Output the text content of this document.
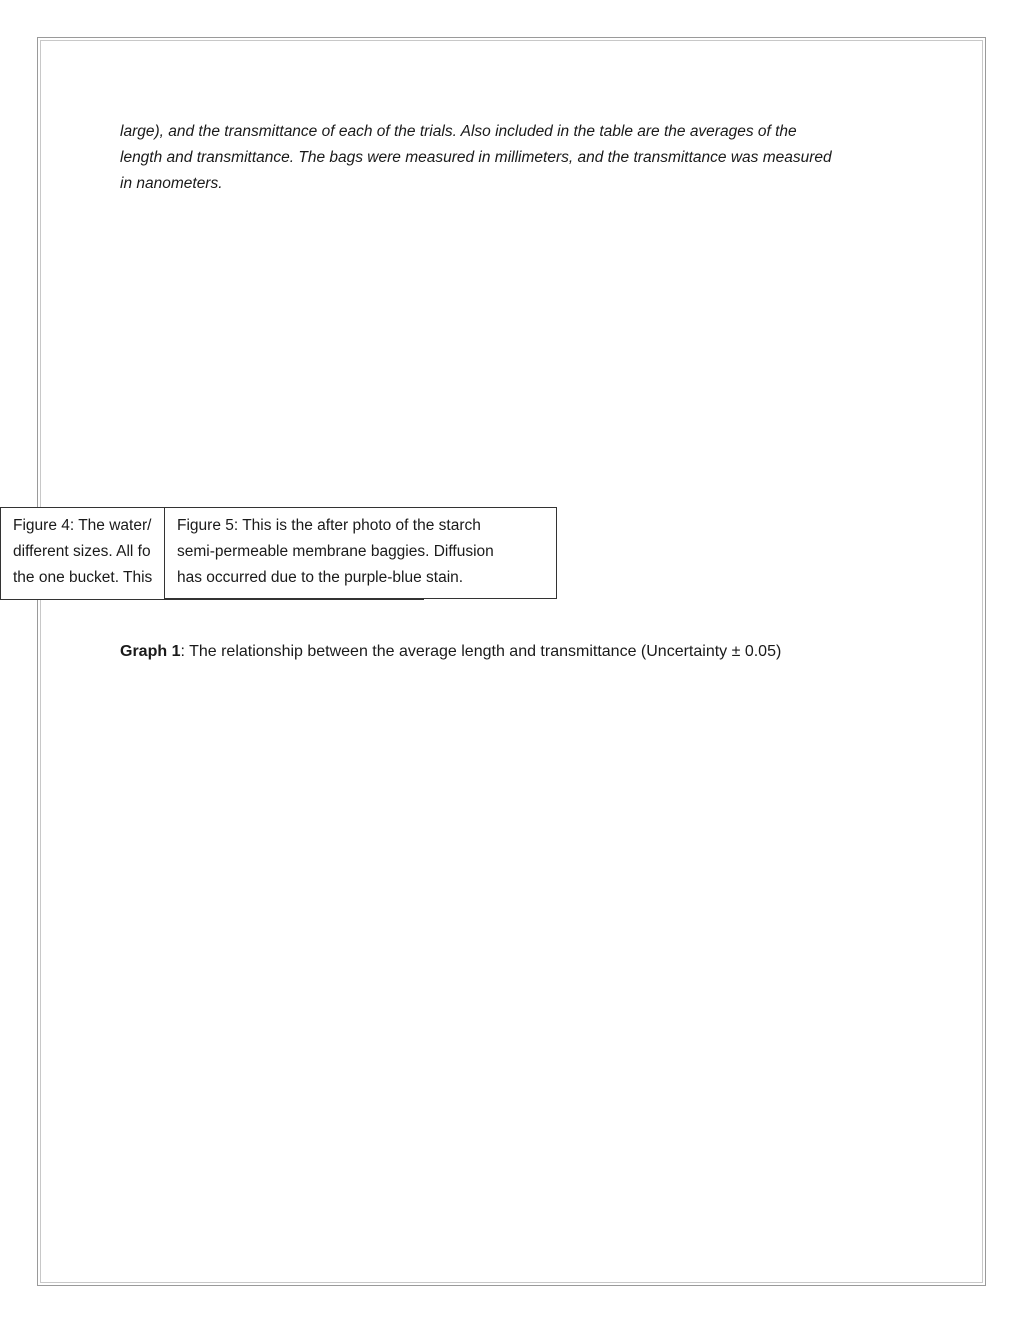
large), and the transmittance of each of the trials. Also included in the table are the averages of the
length and transmittance. The bags were measured in millimeters, and the transmittance was measured
in nanometers.

Figure 4: The water/
different sizes. All fo
the one bucket. This
Figure 5: This is the after photo of the starch
semi-permeable membrane baggies. Diffusion
has occurred due to the purple-blue stain.

Graph 1: The relationship between the average length and transmittance (Uncertainty ± 0.05)
